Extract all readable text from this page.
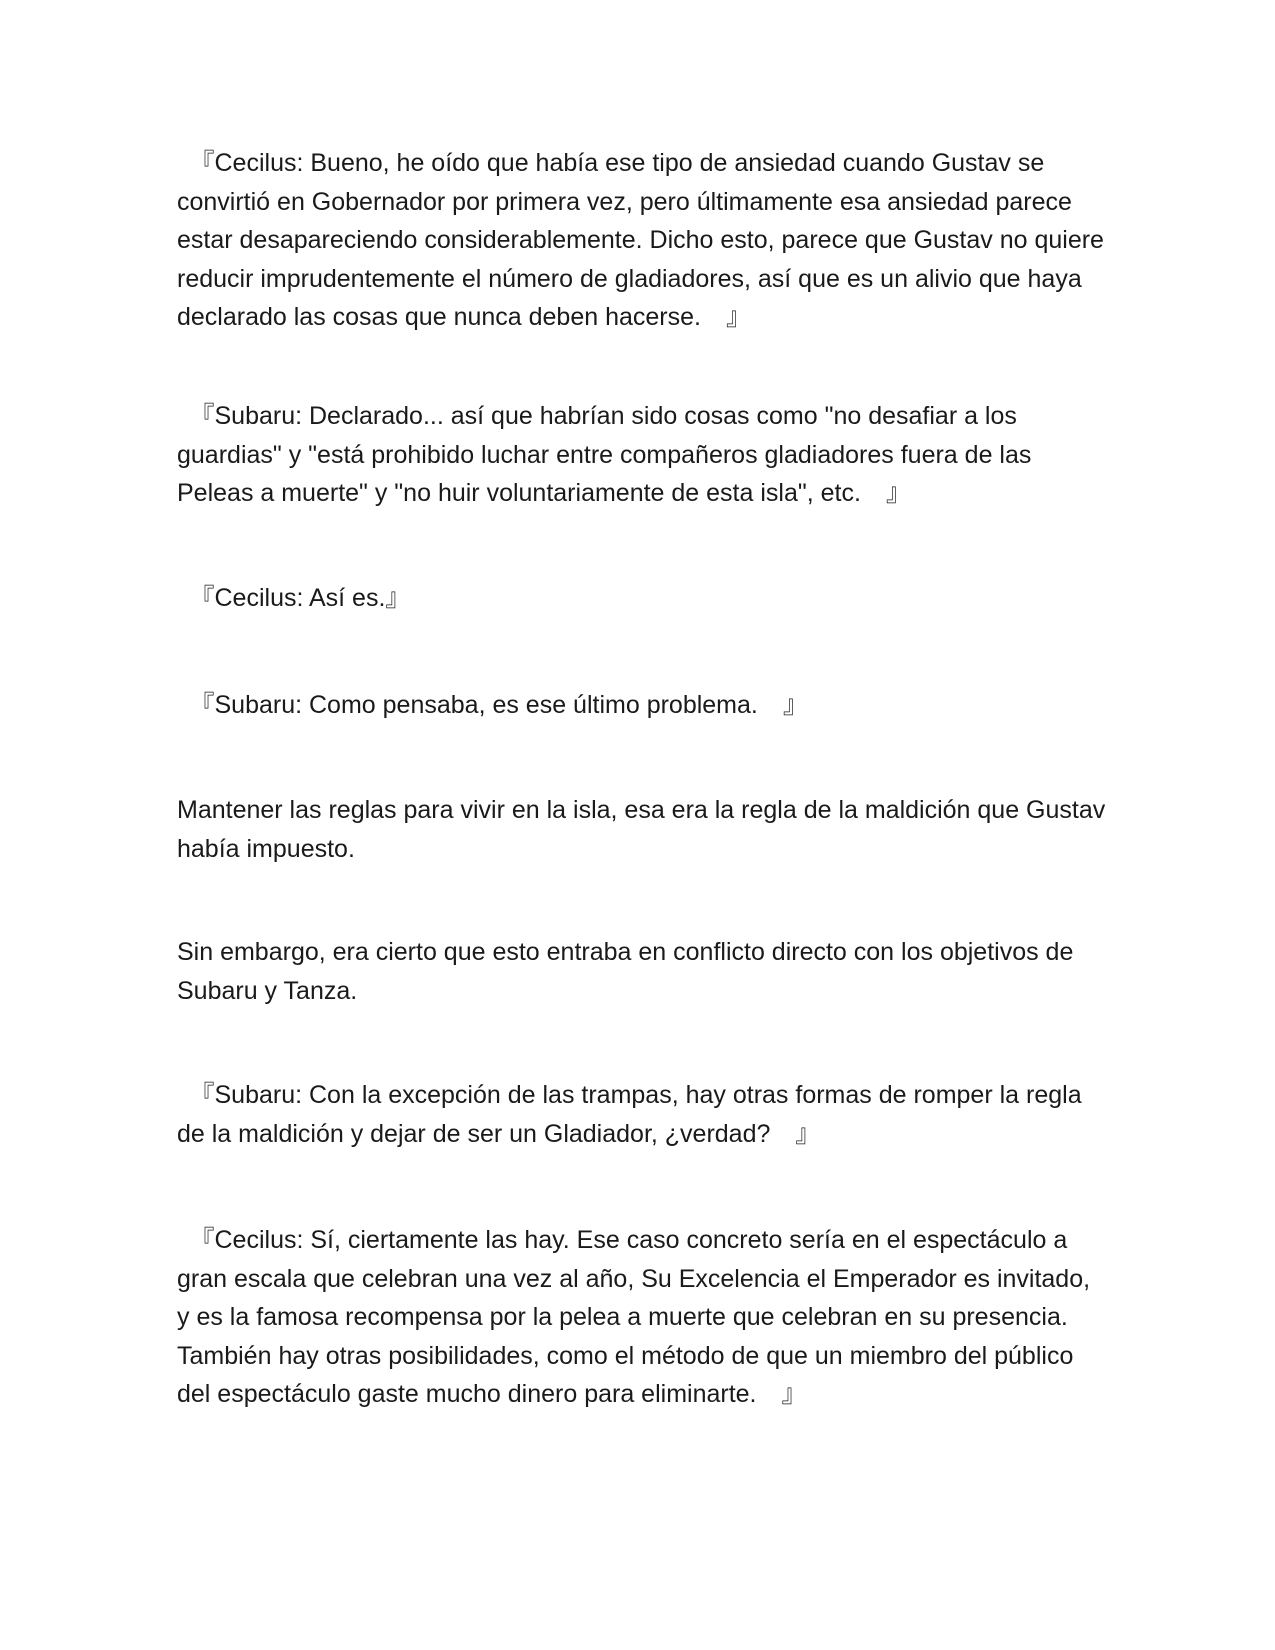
　『Cecilus: Bueno, he oído que había ese tipo de ansiedad cuando Gustav se convirtió en Gobernador por primera vez, pero últimamente esa ansiedad parece estar desapareciendo considerablemente. Dicho esto, parece que Gustav no quiere reducir imprudentemente el número de gladiadores, así que es un alivio que haya declarado las cosas que nunca deben hacerse.　』

　『Subaru: Declarado... así que habrían sido cosas como "no desafiar a los guardias" y "está prohibido luchar entre compañeros gladiadores fuera de las Peleas a muerte" y "no huir voluntariamente de esta isla", etc.　』

　『Cecilus: Así es.』

　『Subaru: Como pensaba, es ese último problema.　』

Mantener las reglas para vivir en la isla, esa era la regla de la maldición que Gustav había impuesto.

Sin embargo, era cierto que esto entraba en conflicto directo con los objetivos de Subaru y Tanza.

　『Subaru: Con la excepción de las trampas, hay otras formas de romper la regla de la maldición y dejar de ser un Gladiador, ¿verdad?　』

　『Cecilus: Sí, ciertamente las hay. Ese caso concreto sería en el espectáculo a gran escala que celebran una vez al año, Su Excelencia el Emperador es invitado, y es la famosa recompensa por la pelea a muerte que celebran en su presencia. También hay otras posibilidades, como el método de que un miembro del público del espectáculo gaste mucho dinero para eliminarte.　』
